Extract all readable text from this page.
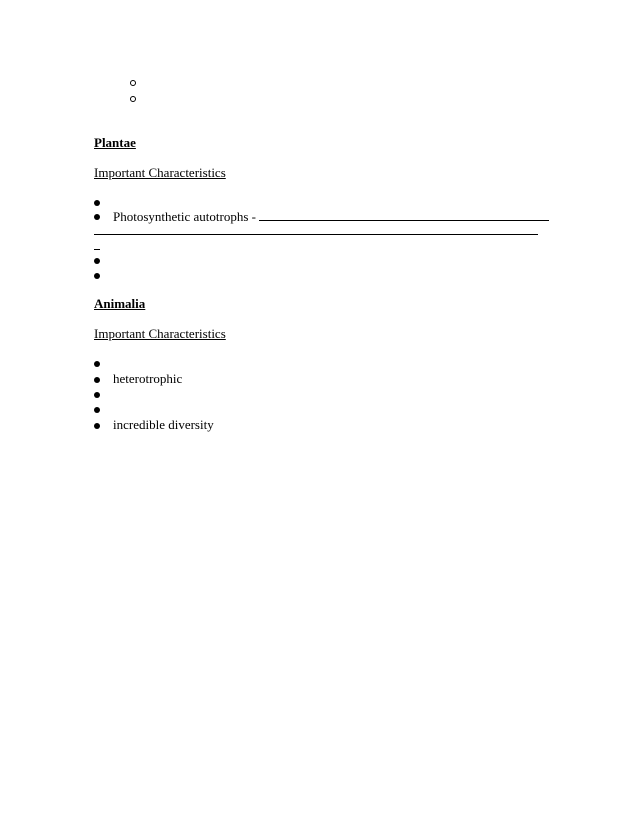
Plantae
Important Characteristics
Photosynthetic autotrophs -
Animalia
Important Characteristics
heterotrophic
incredible diversity
